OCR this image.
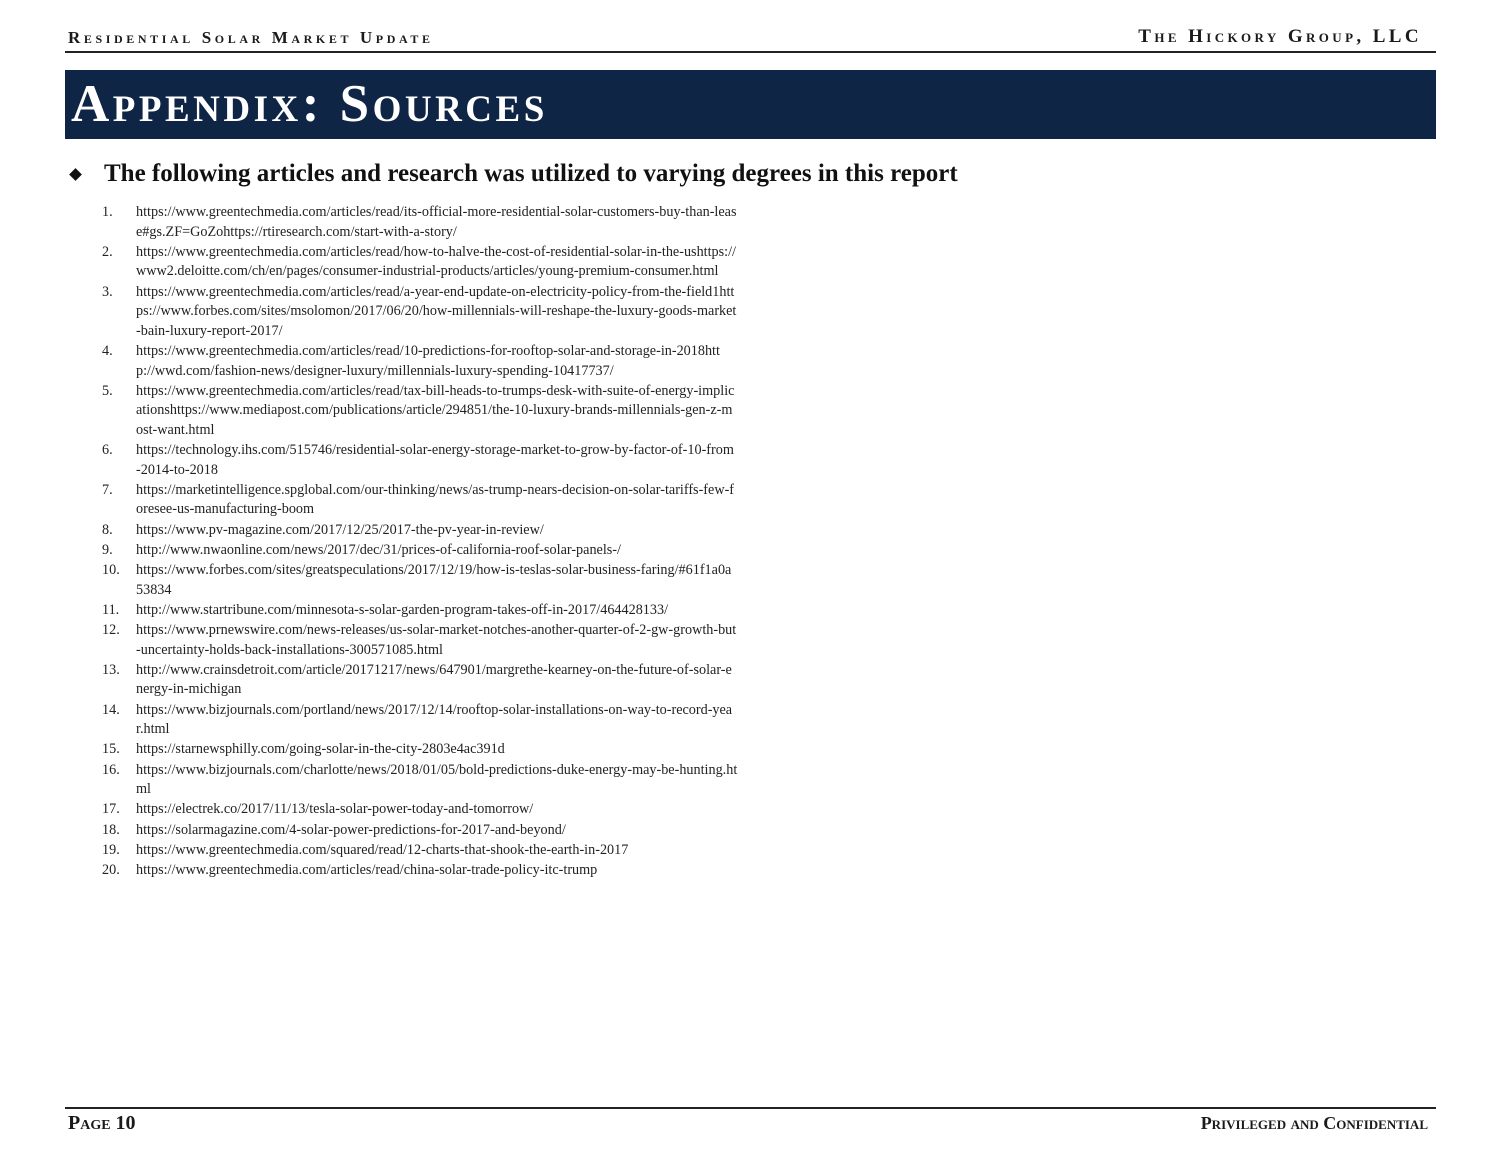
Residential Solar Market Update	The Hickory Group, LLC
Appendix: Sources
The following articles and research was utilized to varying degrees in this report
1.	https://www.greentechmedia.com/articles/read/its-official-more-residential-solar-customers-buy-than-lease#gs.ZF=GoZohttps://rtiresearch.com/start-with-a-story/
2.	https://www.greentechmedia.com/articles/read/how-to-halve-the-cost-of-residential-solar-in-the-ushttps://www2.deloitte.com/ch/en/pages/consumer-industrial-products/articles/young-premium-consumer.html
3.	https://www.greentechmedia.com/articles/read/a-year-end-update-on-electricity-policy-from-the-field1https://www.forbes.com/sites/msolomon/2017/06/20/how-millennials-will-reshape-the-luxury-goods-market-bain-luxury-report-2017/
4.	https://www.greentechmedia.com/articles/read/10-predictions-for-rooftop-solar-and-storage-in-2018http://wwd.com/fashion-news/designer-luxury/millennials-luxury-spending-10417737/
5.	https://www.greentechmedia.com/articles/read/tax-bill-heads-to-trumps-desk-with-suite-of-energy-implicationshttps://www.mediapost.com/publications/article/294851/the-10-luxury-brands-millennials-gen-z-most-want.html
6.	https://technology.ihs.com/515746/residential-solar-energy-storage-market-to-grow-by-factor-of-10-from-2014-to-2018
7.	https://marketintelligence.spglobal.com/our-thinking/news/as-trump-nears-decision-on-solar-tariffs-few-foresee-us-manufacturing-boom
8.	https://www.pv-magazine.com/2017/12/25/2017-the-pv-year-in-review/
9.	http://www.nwaonline.com/news/2017/dec/31/prices-of-california-roof-solar-panels-/
10.	https://www.forbes.com/sites/greatspeculations/2017/12/19/how-is-teslas-solar-business-faring/#61f1a0a53834
11.	http://www.startribune.com/minnesota-s-solar-garden-program-takes-off-in-2017/464428133/
12.	https://www.prnewswire.com/news-releases/us-solar-market-notches-another-quarter-of-2-gw-growth-but-uncertainty-holds-back-installations-300571085.html
13.	http://www.crainsdetroit.com/article/20171217/news/647901/margrethe-kearney-on-the-future-of-solar-energy-in-michigan
14.	https://www.bizjournals.com/portland/news/2017/12/14/rooftop-solar-installations-on-way-to-record-year.html
15.	https://starnewsphilly.com/going-solar-in-the-city-2803e4ac391d
16.	https://www.bizjournals.com/charlotte/news/2018/01/05/bold-predictions-duke-energy-may-be-hunting.html
17.	https://electrek.co/2017/11/13/tesla-solar-power-today-and-tomorrow/
18.	https://solarmagazine.com/4-solar-power-predictions-for-2017-and-beyond/
19.	https://www.greentechmedia.com/squared/read/12-charts-that-shook-the-earth-in-2017
20.	https://www.greentechmedia.com/articles/read/china-solar-trade-policy-itc-trump
Page 10	Privileged and Confidential
